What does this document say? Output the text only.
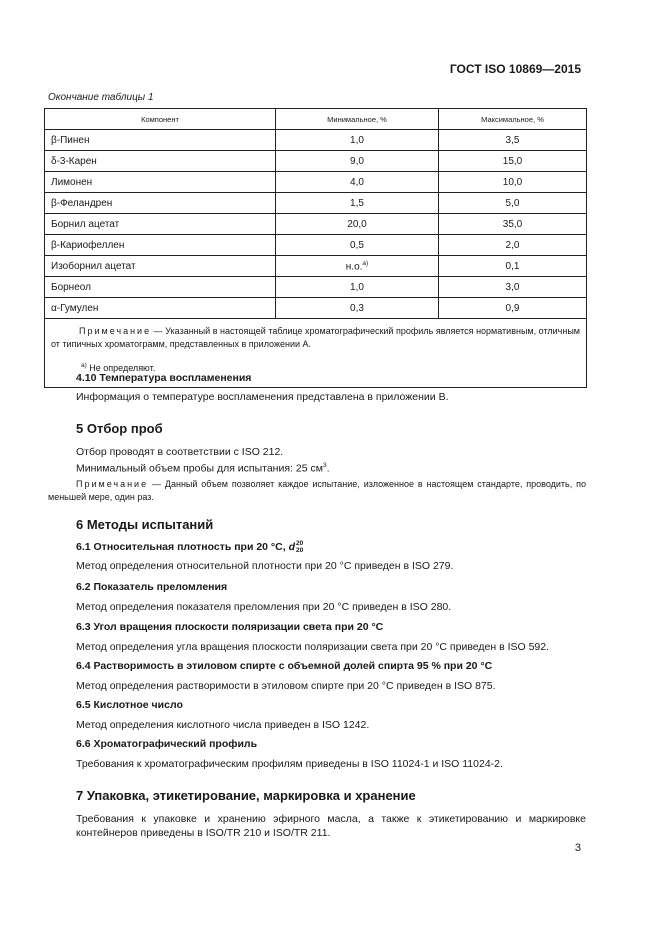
ГОСТ ISO 10869—2015
Окончание таблицы 1
Компонент	Минимальное, %	Максимальное, %
β-Пинен	1,0	3,5
δ-3-Карен	9,0	15,0
Лимонен	4,0	10,0
β-Феландрен	1,5	5,0
Борнил ацетат	20,0	35,0
β-Кариофеллен	0,5	2,0
Изоборнил ацетат	н.о.$^{а)}$	0,1
Борнеол	1,0	3,0
α-Гумулен	0,3	0,9

Примечание — Указанный в настоящей таблице хроматографический профиль является нормативным, отличным от типичных хроматограмм, представленных в приложении А.
$^{а)}$ Не определяют.		
4.10 Температура воспламенения
Информация о температуре воспламенения представлена в приложении В.
5 Отбор проб
Отбор проводят в соответствии с ISO 212.
Минимальный объем пробы для испытания: 25 $см^3$.
Примечание — Данный объем позволяет каждое испытание, изложенное в настоящем стандарте, проводить, по меньшей мере, один раз.
6 Методы испытаний
6.1 Относительная плотность при 20 °С, d 20
20
Метод определения относительной плотности при 20 °С приведен в ISO 279.
6.2 Показатель преломления
Метод определения показателя преломления при 20 °С приведен в ISO 280.
6.3 Угол вращения плоскости поляризации света при 20 °С
Метод определения угла вращения плоскости поляризации света при 20 °С приведен в ISO 592.
6.4 Растворимость в этиловом спирте с объемной долей спирта 95 % при 20 °С
Метод определения растворимости в этиловом спирте при 20 °С приведен в ISO 875.
6.5 Кислотное число
Метод определения кислотного числа приведен в ISO 1242.
6.6 Хроматографический профиль
Требования к хроматографическим профилям приведены в ISO 11024-1 и ISO 11024-2.
7 Упаковка, этикетирование, маркировка и хранение
Требования к упаковке и хранению эфирного масла, а также к этикетированию и маркировке контейнеров приведены в ISO/TR 210 и ISO/TR 211.
3
